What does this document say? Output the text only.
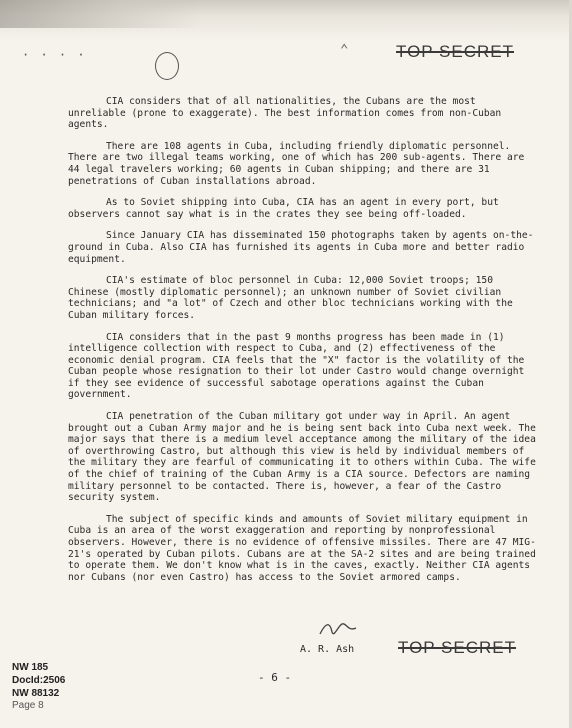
· · · ·	⌃	TOP SECRET

CIA considers that of all nationalities, the Cubans are the most unreliable (prone to exaggerate). The best information comes from non-Cuban agents.

There are 108 agents in Cuba, including friendly diplomatic personnel. There are two illegal teams working, one of which has 200 sub-agents. There are 44 legal travelers working; 60 agents in Cuban shipping; and there are 31 penetrations of Cuban installations abroad.

As to Soviet shipping into Cuba, CIA has an agent in every port, but observers cannot say what is in the crates they see being off-loaded.

Since January CIA has disseminated 150 photographs taken by agents on-the-ground in Cuba. Also CIA has furnished its agents in Cuba more and better radio equipment.

CIA's estimate of bloc personnel in Cuba: 12,000 Soviet troops; 150 Chinese (mostly diplomatic personnel); an unknown number of Soviet civilian technicians; and "a lot" of Czech and other bloc technicians working with the Cuban military forces.

CIA considers that in the past 9 months progress has been made in (1) intelligence collection with respect to Cuba, and (2) effectiveness of the economic denial program. CIA feels that the "X" factor is the volatility of the Cuban people whose resignation to their lot under Castro would change overnight if they see evidence of successful sabotage operations against the Cuban government.

CIA penetration of the Cuban military got under way in April. An agent brought out a Cuban Army major and he is being sent back into Cuba next week. The major says that there is a medium level acceptance among the military of the idea of overthrowing Castro, but although this view is held by individual members of the military they are fearful of communicating it to others within Cuba. The wife of the chief of training of the Cuban Army is a CIA source. Defectors are naming military personnel to be contacted. There is, however, a fear of the Castro security system.

The subject of specific kinds and amounts of Soviet military equipment in Cuba is an area of the worst exaggeration and reporting by nonprofessional observers. However, there is no evidence of offensive missiles. There are 47 MIG-21's operated by Cuban pilots. Cubans are at the SA-2 sites and are being trained to operate them. We don't know what is in the caves, exactly. Neither CIA agents nor Cubans (nor even Castro) has access to the Soviet armored camps.

A. R. Ash	TOP SECRET
- 6 -
NW 185
DocId:2506
NW 88132
Page 8
